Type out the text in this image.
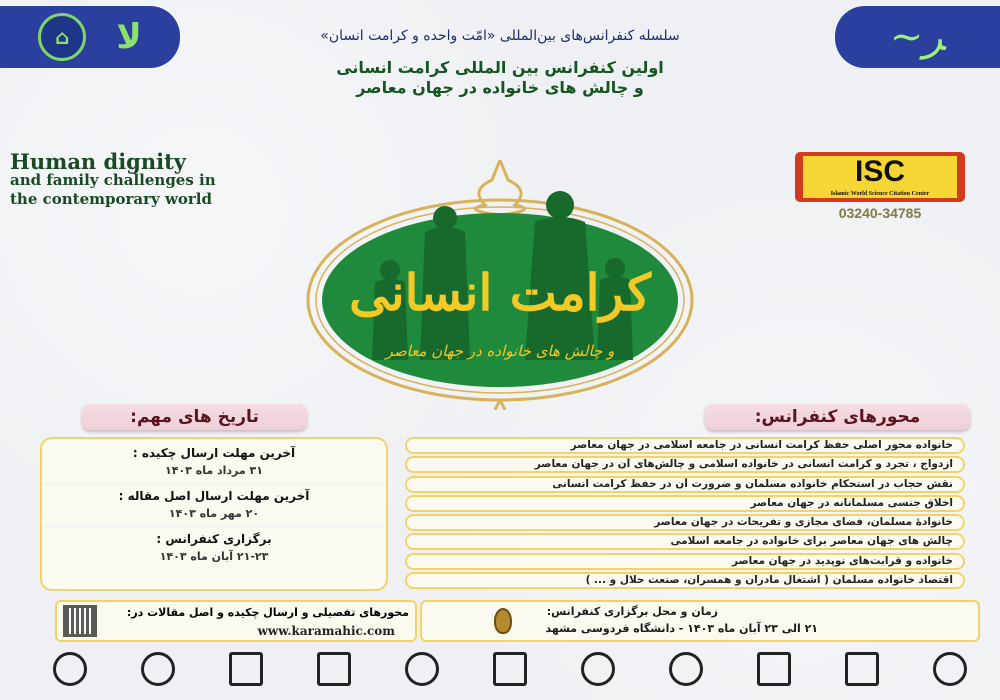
⌂	ﻟﺎ	~ﺮ
سلسله کنفرانس‌های بین‌المللی «امّت واحده و کرامت انسان»
اولین کنفرانس بین المللی کرامت انسانی
و چالش های خانواده در جهان معاصر
Human dignity
and family challenges in
the contemporary world
ISC
Islamic World Science Citation Center
03240-34785
کرامت انسانی
و چالش های خانواده در جهان معاصر
محورهای کنفرانس:
خانواده محور اصلی حفظ کرامت انسانی در جامعه اسلامی در جهان معاصر
ازدواج ، تجرد و کرامت انسانی در خانواده اسلامی و چالش‌های آن در جهان معاصر
نقش حجاب در استحکام خانواده مسلمان و ضرورت آن در حفظ کرامت انسانی
اخلاق جنسی مسلمانانه در جهان معاصر
خانوادهٔ مسلمان، فضای مجازی و تفریحات در جهان معاصر
چالش های جهان معاصر برای خانواده در جامعه اسلامی
خانواده و قرابت‌های نوپدید در جهان معاصر
اقتصاد خانواده مسلمان ( اشتغال مادران و همسران، صنعت حلال و ... )
تاریخ های مهم:
آخرین مهلت ارسال چکیده :
۳۱ مرداد ماه ۱۴۰۳
آخرین مهلت ارسال اصل مقاله :
۲۰ مهر ماه ۱۴۰۳
برگزاری کنفرانس :
۲۱-۲۳ آبان ماه ۱۴۰۳
محورهای تفصیلی و ارسال چکیده و اصل مقالات در:
www.karamahic.com
زمان و محل برگزاری کنفرانس:
۲۱ الی ۲۳ آبان ماه ۱۴۰۳ - دانشگاه فردوسی مشهد
